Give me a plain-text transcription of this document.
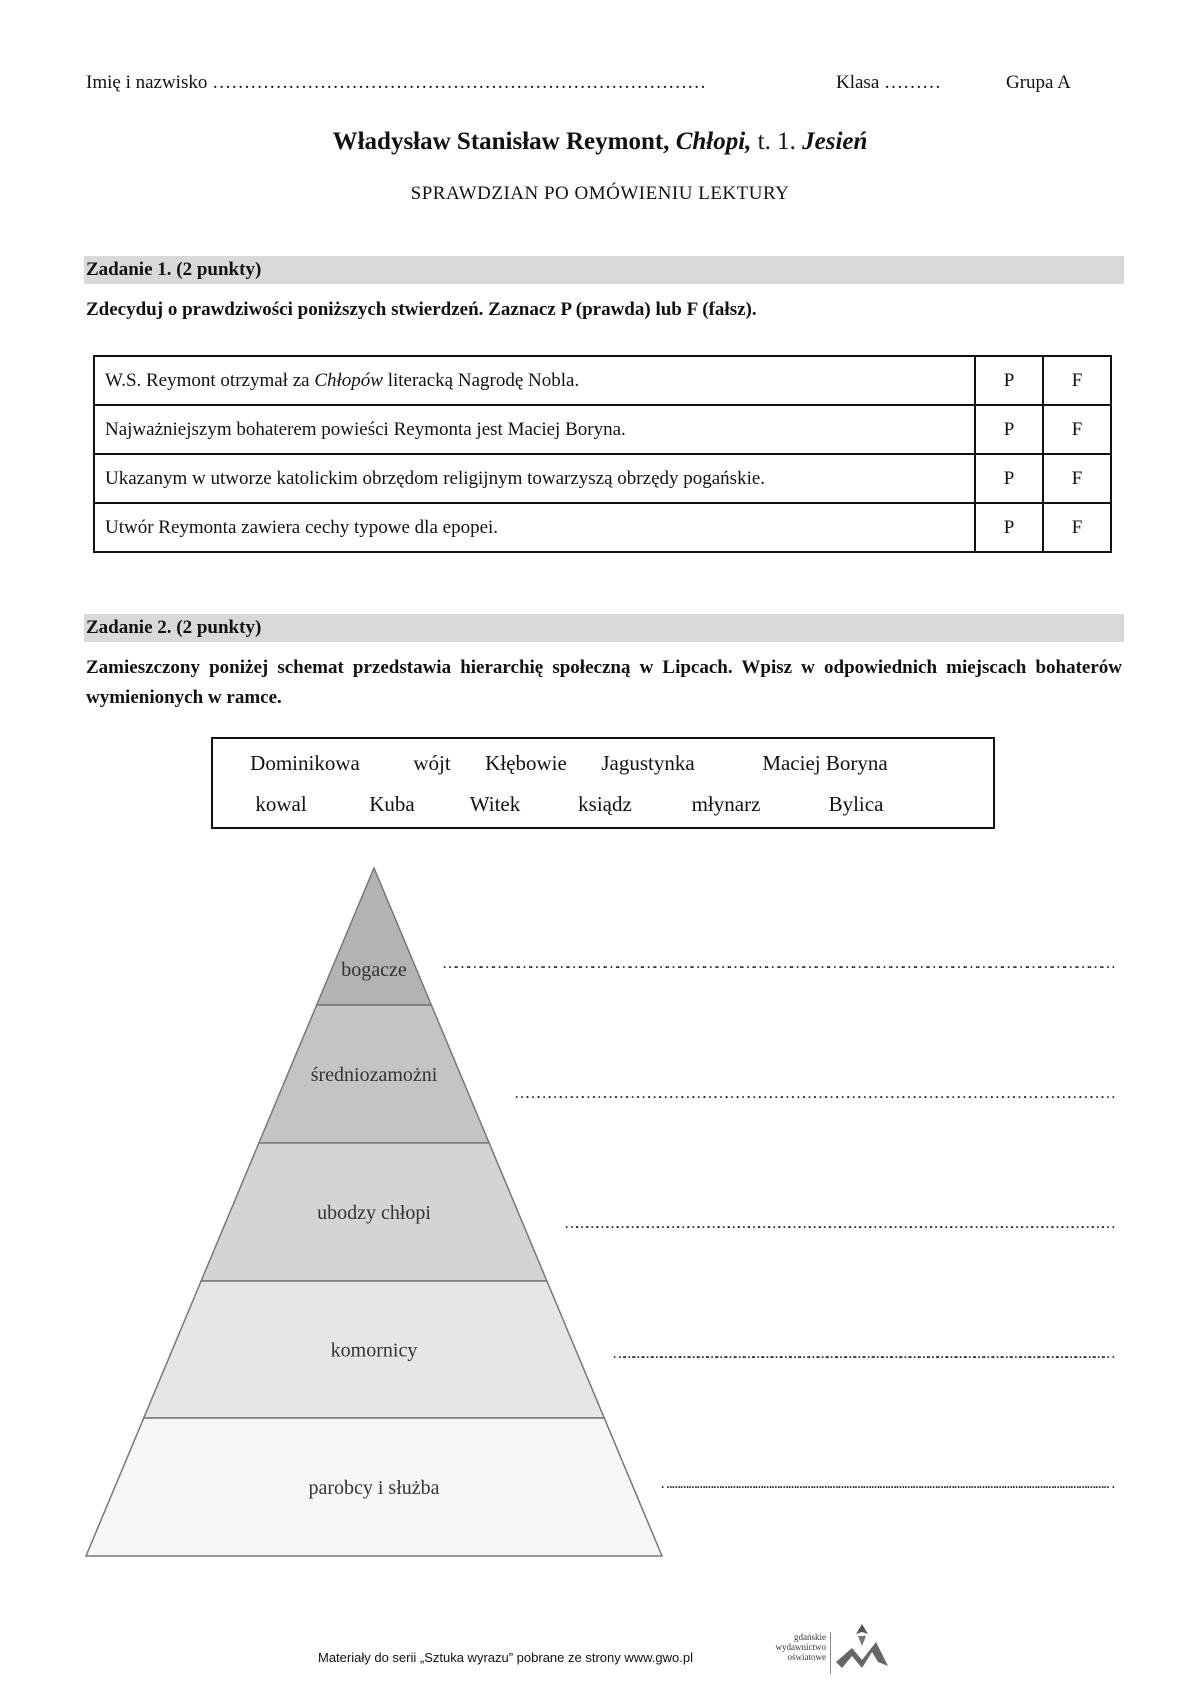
Imię i nazwisko ……………………………………………………………………	Klasa ………	Grupa A
Władysław Stanisław Reymont, Chłopi, t. 1. Jesień
SPRAWDZIAN PO OMÓWIENIU LEKTURY
Zadanie 1. (2 punkty)
Zdecyduj o prawdziwości poniższych stwierdzeń. Zaznacz P (prawda) lub F (fałsz).
W.S. Reymont otrzymał za Chłopów literacką Nagrodę Nobla.	P	F
Najważniejszym bohaterem powieści Reymonta jest Maciej Boryna.	P	F
Ukazanym w utworze katolickim obrzędom religijnym towarzyszą obrzędy pogańskie.	P	F
Utwór Reymonta zawiera cechy typowe dla epopei.	P	F
Zadanie 2. (2 punkty)
Zamieszczony poniżej schemat przedstawia hierarchię społeczną w Lipcach. Wpisz w odpowiednich miejscach bohaterów wymienionych w ramce.
Dominikowa	wójt Kłębowie Jagustynka	Maciej Boryna
kowal	Kuba	Witek	ksiądz	młynarz	Bylica
bogacze ………………………………………………………………………………………………………………………………………………
średniozamożni
………………………………………………………………………………………………………………………………………………
ubodzy chłopi	………………………………………………………………………………………………………………………………………………
komornicy	………………………………………………………………………………………………………………………………………………
parobcy i służba	………………………………………………………………………………………………………………………………………………
Materiały do serii „Sztuka wyrazu” pobrane ze strony www.gwo.pl
gdańskie
wydawnictwo
oświatowe
